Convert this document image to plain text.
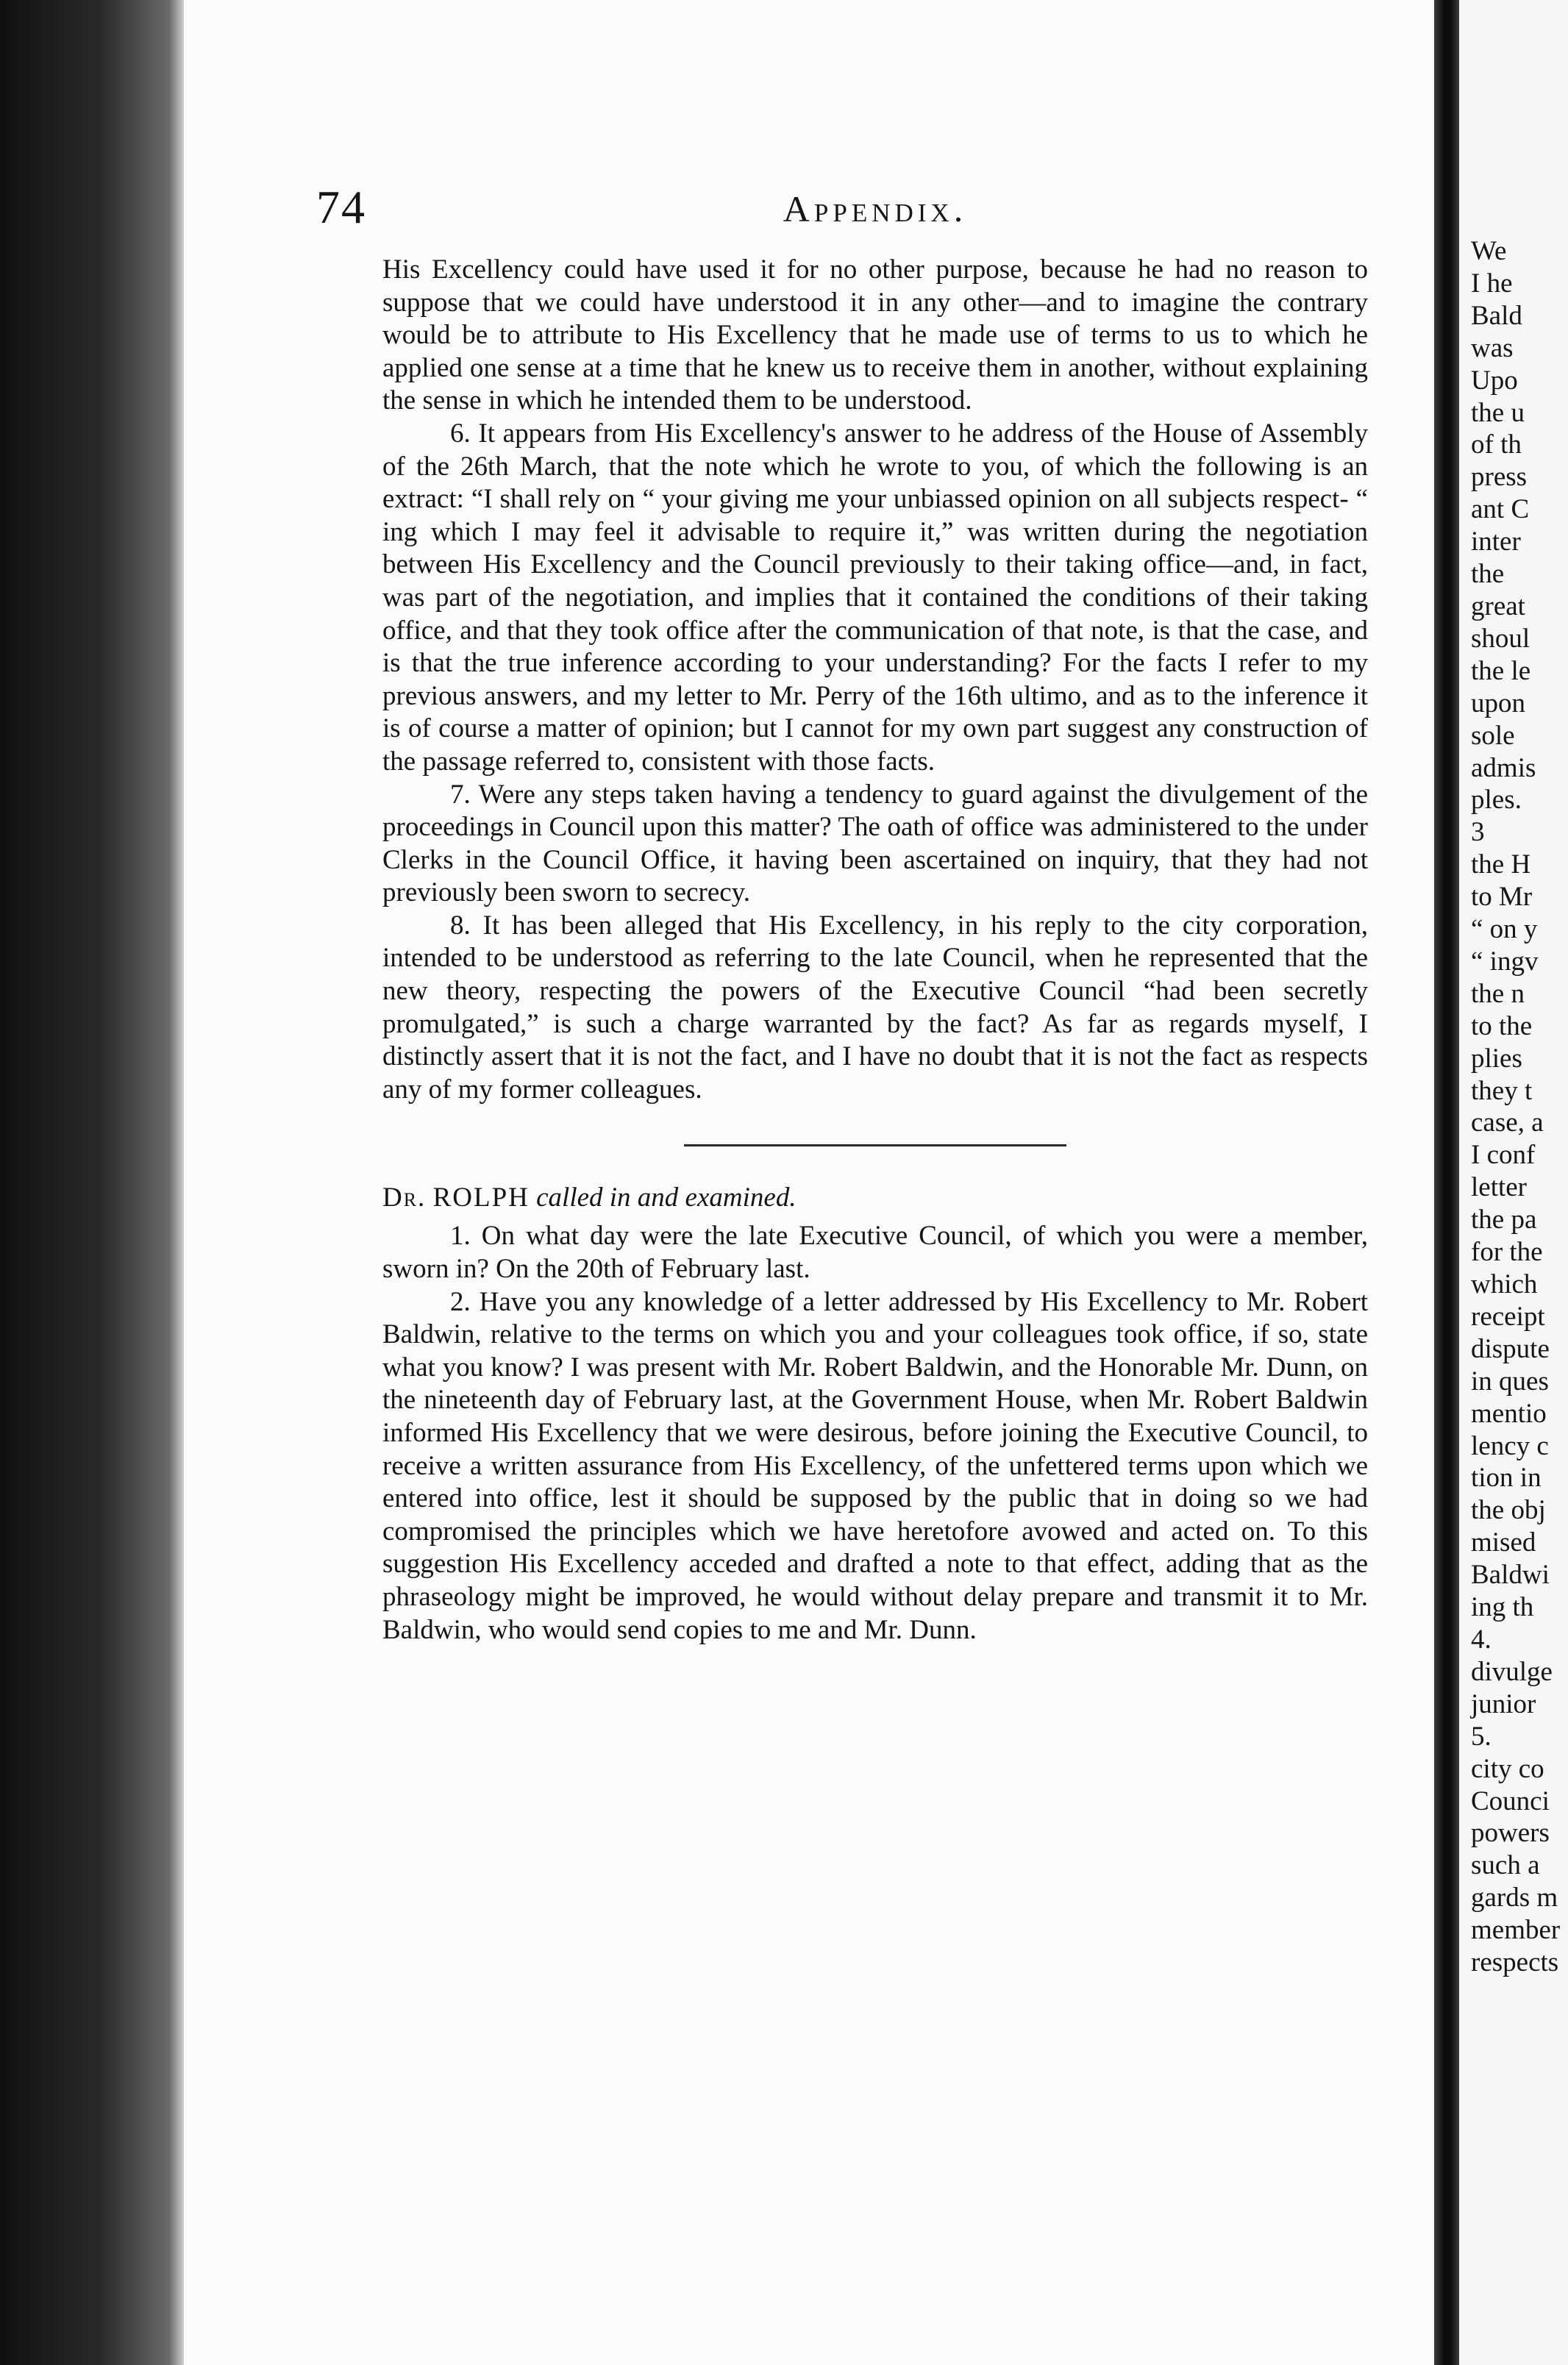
74	Appendix.

His Excellency could have used it for no other purpose, because he had no reason to suppose that we could have understood it in any other—and to imagine the contrary would be to attribute to His Excellency that he made use of terms to us to which he applied one sense at a time that he knew us to receive them in another, without explaining the sense in which he intended them to be understood.

6. It appears from His Excellency's answer to he address of the House of Assembly of the 26th March, that the note which he wrote to you, of which the following is an extract: “I shall rely on “ your giving me your unbiassed opinion on all subjects respect- “ ing which I may feel it advisable to require it,” was written during the negotiation between His Excellency and the Council previously to their taking office—and, in fact, was part of the negotiation, and implies that it contained the conditions of their taking office, and that they took office after the communication of that note, is that the case, and is that the true inference according to your understanding? For the facts I refer to my previous answers, and my letter to Mr. Perry of the 16th ultimo, and as to the inference it is of course a matter of opinion; but I cannot for my own part suggest any construction of the passage referred to, consistent with those facts.

7. Were any steps taken having a tendency to guard against the divulgement of the proceedings in Council upon this matter? The oath of office was administered to the under Clerks in the Council Office, it having been ascertained on inquiry, that they had not previously been sworn to secrecy.

8. It has been alleged that His Excellency, in his reply to the city corporation, intended to be understood as referring to the late Council, when he represented that the new theory, respecting the powers of the Executive Council “had been secretly promulgated,” is such a charge warranted by the fact? As far as regards myself, I distinctly assert that it is not the fact, and I have no doubt that it is not the fact as respects any of my former colleagues.

Dr. ROLPH called in and examined.

1. On what day were the late Executive Council, of which you were a member, sworn in? On the 20th of February last.

2. Have you any knowledge of a letter addressed by His Excellency to Mr. Robert Baldwin, relative to the terms on which you and your colleagues took office, if so, state what you know? I was present with Mr. Robert Baldwin, and the Honorable Mr. Dunn, on the nineteenth day of February last, at the Government House, when Mr. Robert Baldwin informed His Excellency that we were desirous, before joining the Executive Council, to receive a written assurance from His Excellency, of the unfettered terms upon which we entered into office, lest it should be supposed by the public that in doing so we had compromised the principles which we have heretofore avowed and acted on. To this suggestion His Excellency acceded and drafted a note to that effect, adding that as the phraseology might be improved, he would without delay prepare and transmit it to Mr. Baldwin, who would send copies to me and Mr. Dunn.

We
I he
Bald
was
Upo
the u
of th
press
ant C
inter
the
great
shoul
the le
upon
sole
admis
ples.
3
the H
to Mr
“ on y
“ ingv
the n
to the
plies
they t
case, a
I conf
letter
the pa
for the
which
receipt
dispute
in ques
mentio
lency c
tion in
the obj
mised
Baldwi
ing th
4.
divulge
junior
5.
city co
Counci
powers
such a
gards m
member
respects
